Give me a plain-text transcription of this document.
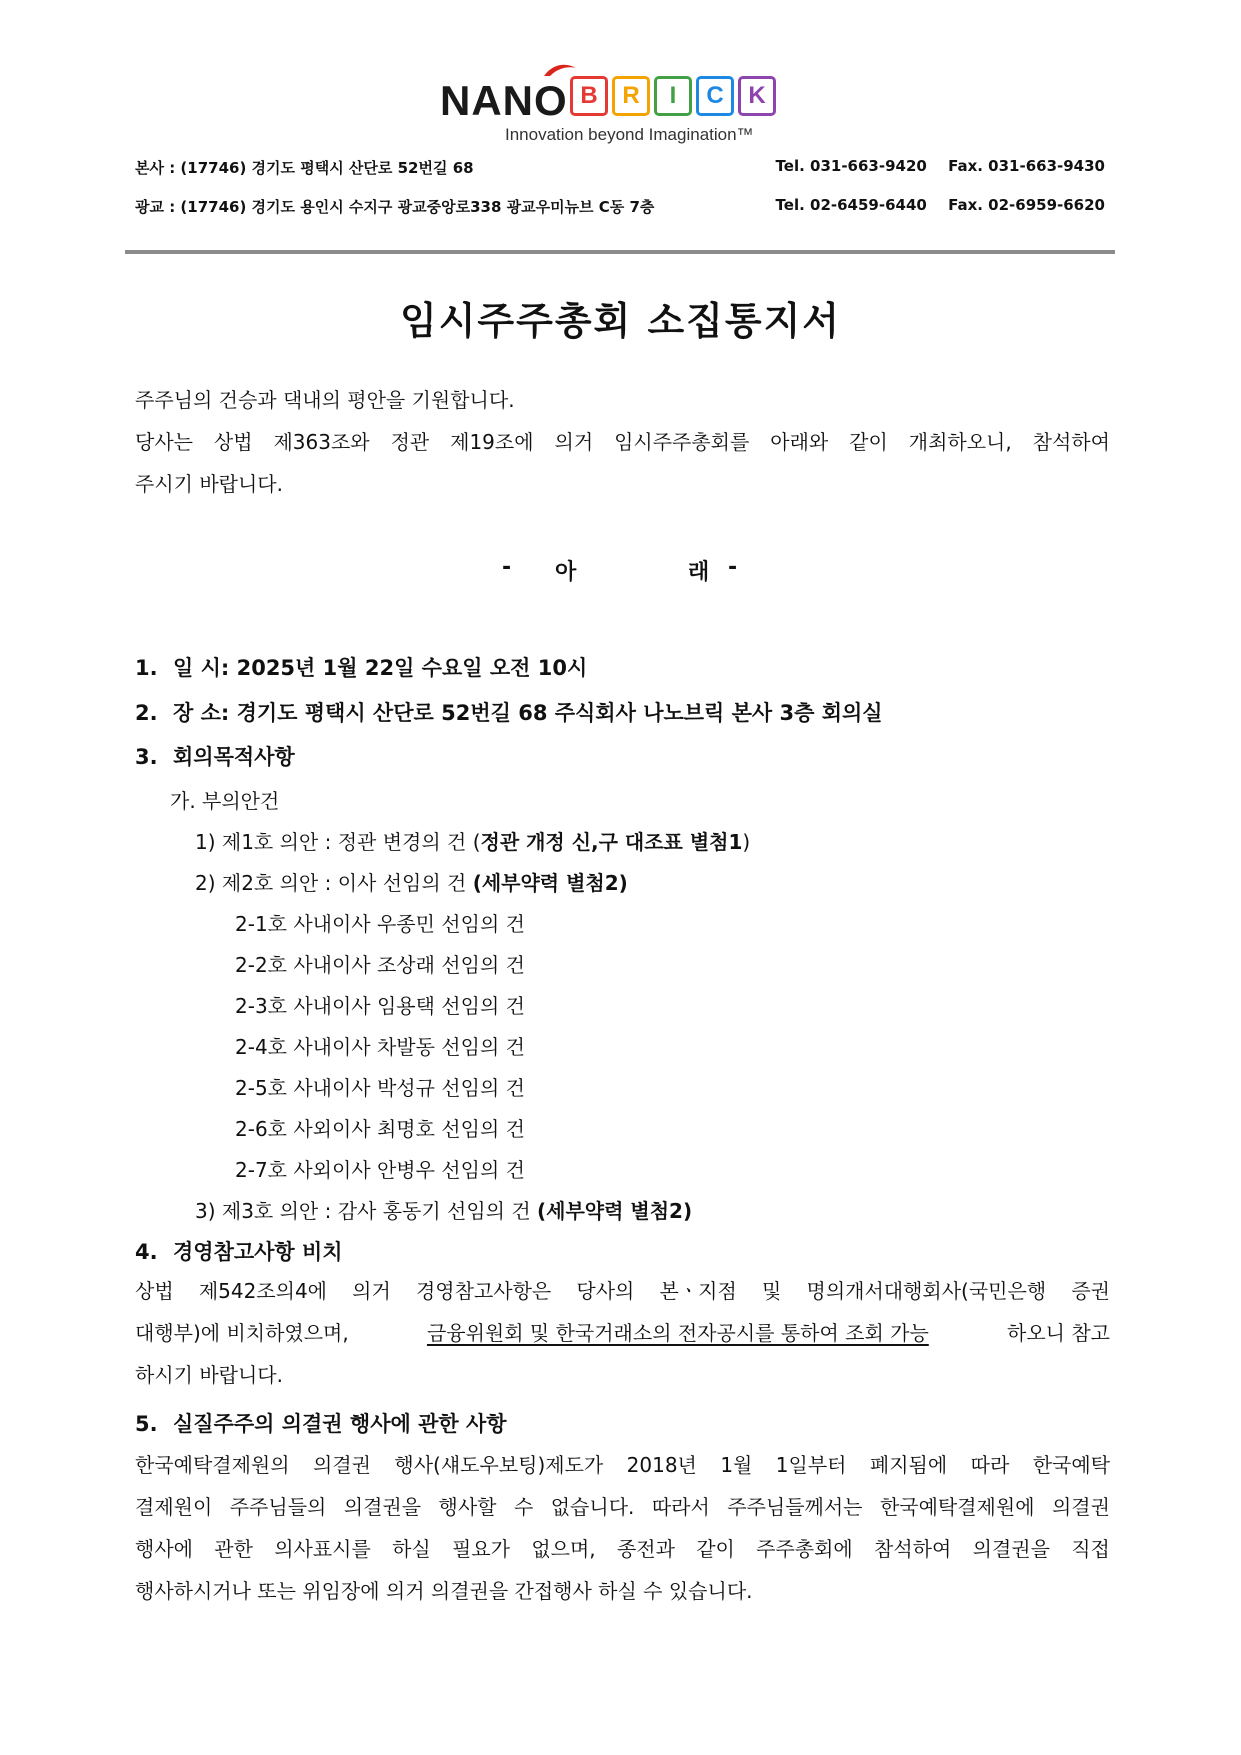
NANO B	R	I	C	K
Innovation beyond Imagination™
본사 : (17746) 경기도 평택시 산단로 52번길 68	Tel. 031-663-9420 Fax. 031-663-9430
광교 : (17746) 경기도 용인시 수지구 광교중앙로338 광교우미뉴브 C동 7층	Tel. 02-6459-6440 Fax. 02-6959-6620
임시주주총회 소집통지서
주주님의 건승과 댁내의 평안을 기원합니다.
당사는 상법 제363조와 정관 제19조에 의거 임시주주총회를 아래와 같이 개최하오니, 참석하여
주시기 바랍니다.
- 아	래 -
1. 일 시: 2025년 1월 22일 수요일 오전 10시
2. 장 소: 경기도 평택시 산단로 52번길 68 주식회사 나노브릭 본사 3층 회의실
3. 회의목적사항
가. 부의안건
1) 제1호 의안 : 정관 변경의 건 (정관 개정 신,구 대조표 별첨1)
2) 제2호 의안 : 이사 선임의 건 (세부약력 별첨2)
2-1호 사내이사 우종민 선임의 건
2-2호 사내이사 조상래 선임의 건
2-3호 사내이사 임용택 선임의 건
2-4호 사내이사 차발동 선임의 건
2-5호 사내이사 박성규 선임의 건
2-6호 사외이사 최명호 선임의 건
2-7호 사외이사 안병우 선임의 건
3) 제3호 의안 : 감사 홍동기 선임의 건 (세부약력 별첨2)
4. 경영참고사항 비치
상법 제542조의4에 의거 경영참고사항은 당사의 본ㆍ지점 및 명의개서대행회사(국민은행 증권
대행부)에 비치하였으며,	금융위원회 및 한국거래소의 전자공시를 통하여 조회 가능	하오니 참고
하시기 바랍니다.
5. 실질주주의 의결권 행사에 관한 사항
한국예탁결제원의 의결권 행사(섀도우보팅)제도가 2018년 1월 1일부터 폐지됨에 따라 한국예탁
결제원이 주주님들의 의결권을 행사할 수 없습니다. 따라서 주주님들께서는 한국예탁결제원에 의결권
행사에 관한 의사표시를 하실 필요가 없으며, 종전과 같이 주주총회에 참석하여 의결권을 직접
행사하시거나 또는 위임장에 의거 의결권을 간접행사 하실 수 있습니다.
